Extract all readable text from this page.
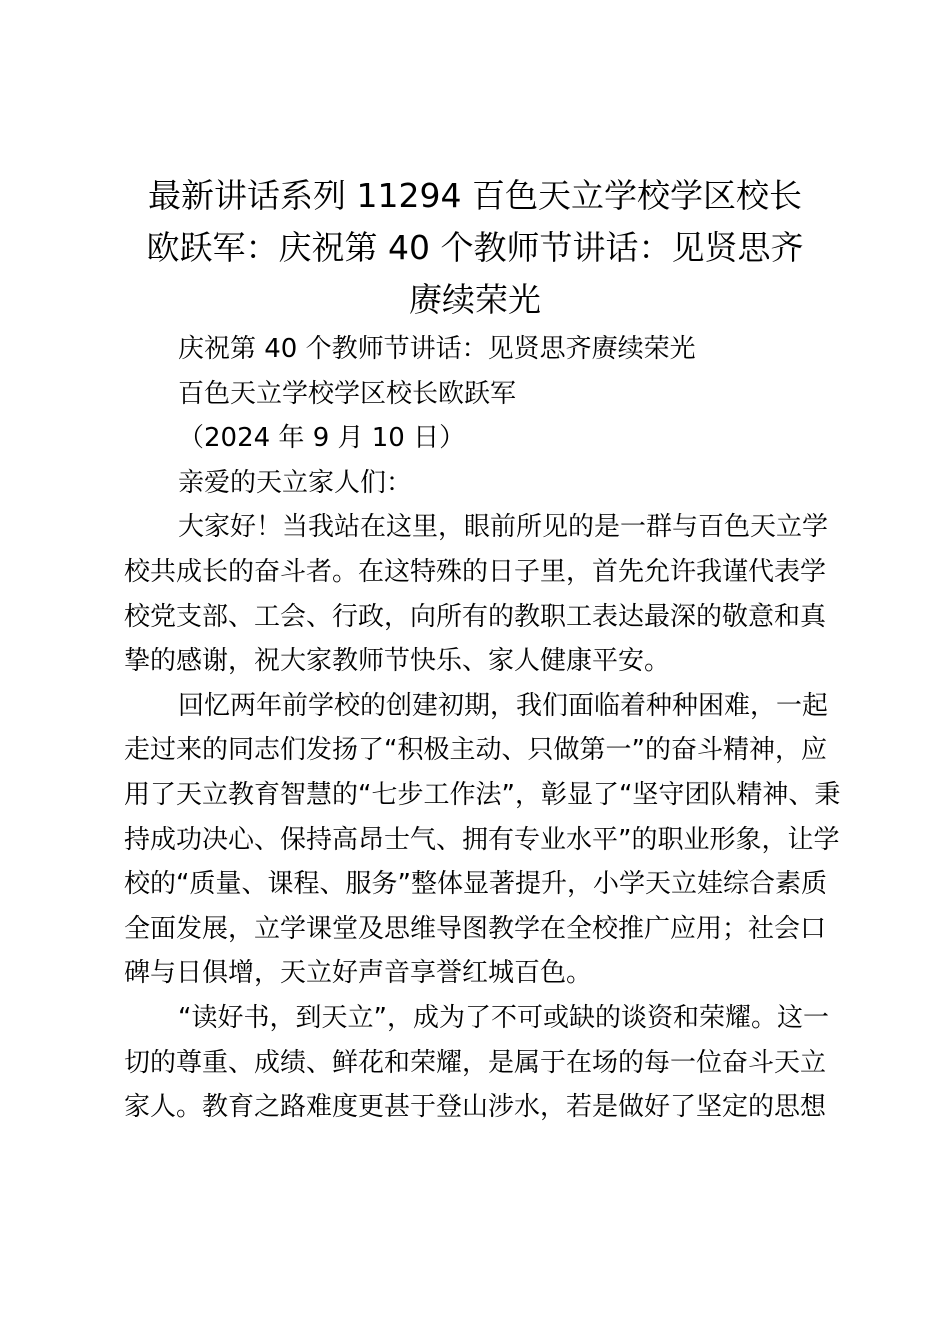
最新讲话系列 11294 百色天立学校学区校长
欧跃军：庆祝第 40 个教师节讲话：见贤思齐
赓续荣光
庆祝第 40 个教师节讲话：见贤思齐赓续荣光
百色天立学校学区校长欧跃军
（2024 年 9 月 10 日）
亲爱的天立家人们：
大家好！当我站在这里，眼前所见的是一群与百色天立学
校共成长的奋斗者。在这特殊的日子里，首先允许我谨代表学
校党支部、工会、行政，向所有的教职工表达最深的敬意和真
挚的感谢，祝大家教师节快乐、家人健康平安。
回忆两年前学校的创建初期，我们面临着种种困难，一起
走过来的同志们发扬了“积极主动、只做第一”的奋斗精神，应
用了天立教育智慧的“七步工作法”，彰显了“坚守团队精神、秉
持成功决心、保持高昂士气、拥有专业水平”的职业形象，让学
校的“质量、课程、服务”整体显著提升，小学天立娃综合素质
全面发展，立学课堂及思维导图教学在全校推广应用；社会口
碑与日俱增，天立好声音享誉红城百色。
“读好书，到天立”，成为了不可或缺的谈资和荣耀。这一
切的尊重、成绩、鲜花和荣耀，是属于在场的每一位奋斗天立
家人。教育之路难度更甚于登山涉水，若是做好了坚定的思想
